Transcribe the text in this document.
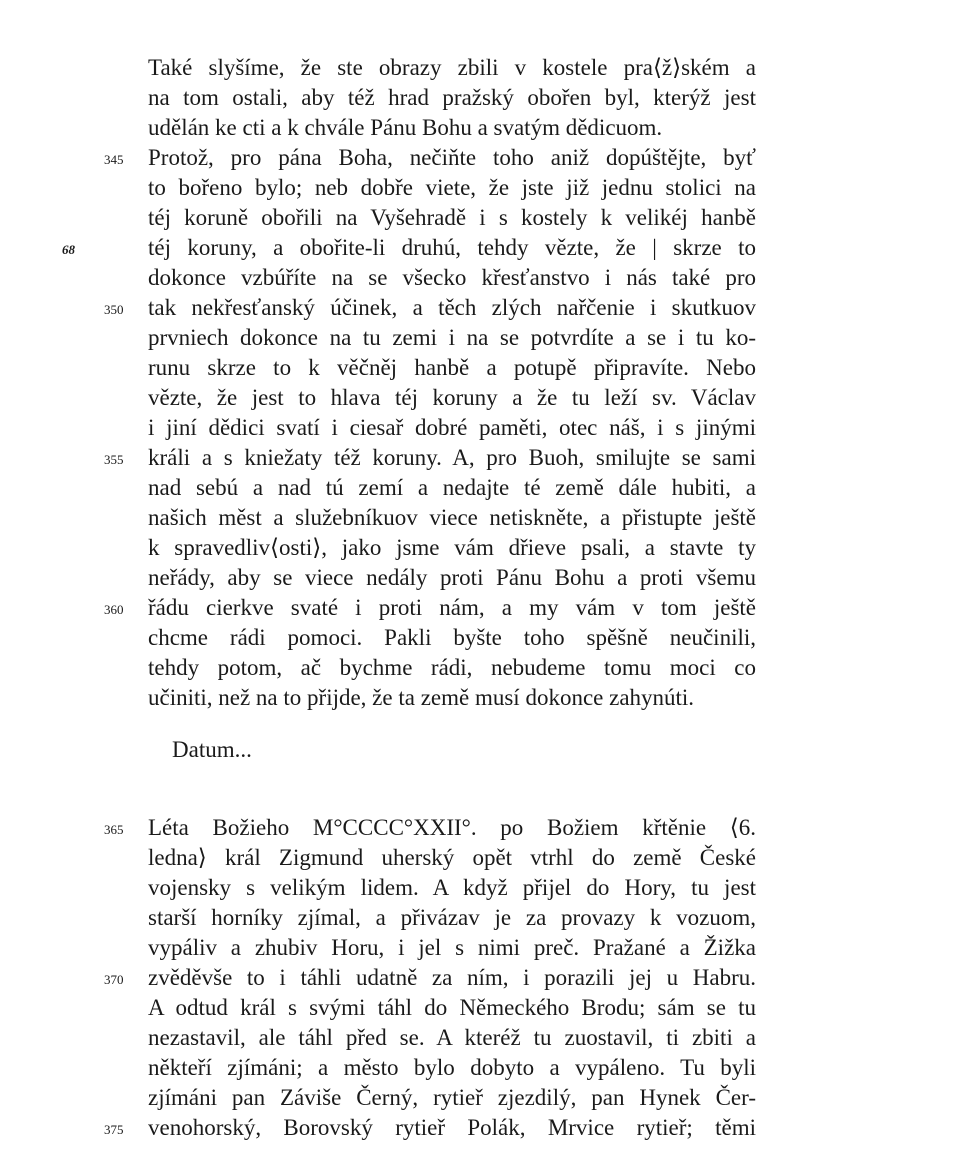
Také slyšíme, že ste obrazy zbili v kostele pra⟨ž⟩ském a
na tom ostali, aby též hrad pražský obořen byl, kterýž jest
udělán ke cti a k chvále Pánu Bohu a svatým dědicuom.
Protož, pro pána Boha, nečiňte toho aniž dopúštějte, byť
to bořeno bylo; neb dobře viete, že jste již jednu stolici na
téj koruně obořili na Vyšehradě i s kostely k velikéj hanbě
téj koruny, a obořite-li druhú, tehdy vězte, že | skrze to
dokonce vzbúříte na se všecko křesťanstvo i nás také pro
tak nekřesťanský účinek, a těch zlých nařčenie i skutkuov
prvniech dokonce na tu zemi i na se potvrdíte a se i tu ko-
runu skrze to k věčněj hanbě a potupě připravíte. Nebo
vězte, že jest to hlava téj koruny a že tu leží sv. Václav
i jiní dědici svatí i ciesař dobré paměti, otec náš, i s jinými
králi a s kniežaty též koruny. A, pro Buoh, smilujte se sami
nad sebú a nad tú zemí a nedajte té země dále hubiti, a
našich měst a služebníkuov viece netiskněte, a přistupte ještě
k spravedliv⟨osti⟩, jako jsme vám dřieve psali, a stavte ty
neřády, aby se viece nedály proti Pánu Bohu a proti všemu
řádu cierkve svaté i proti nám, a my vám v tom ještě
chcme rádi pomoci. Pakli byšte toho spěšně neučinili,
tehdy potom, ač bychme rádi, nebudeme tomu moci co
učiniti, než na to přijde, že ta země musí dokonce zahynúti.
Datum...
Léta Božieho M°CCCC°XXII°. po Božiem křtěnie ⟨6.
ledna⟩ král Zigmund uherský opět vtrhl do země České
vojensky s velikým lidem. A když přijel do Hory, tu jest
starší horníky zjímal, a přivázav je za provazy k vozuom,
vypáliv a zhubiv Horu, i jel s nimi preč. Pražané a Žižka
zvěděvše to i táhli udatně za ním, i porazili jej u Habru.
A odtud král s svými táhl do Německého Brodu; sám se tu
nezastavil, ale táhl před se. A kteréž tu zuostavil, ti zbiti a
někteří zjímáni; a město bylo dobyto a vypáleno. Tu byli
zjímáni pan Záviše Černý, rytieř zjezdilý, pan Hynek Čer-
venohorský, Borovský rytieř Polák, Mrvice rytieř; těmi
345
68
350
355
360
365
370
375
